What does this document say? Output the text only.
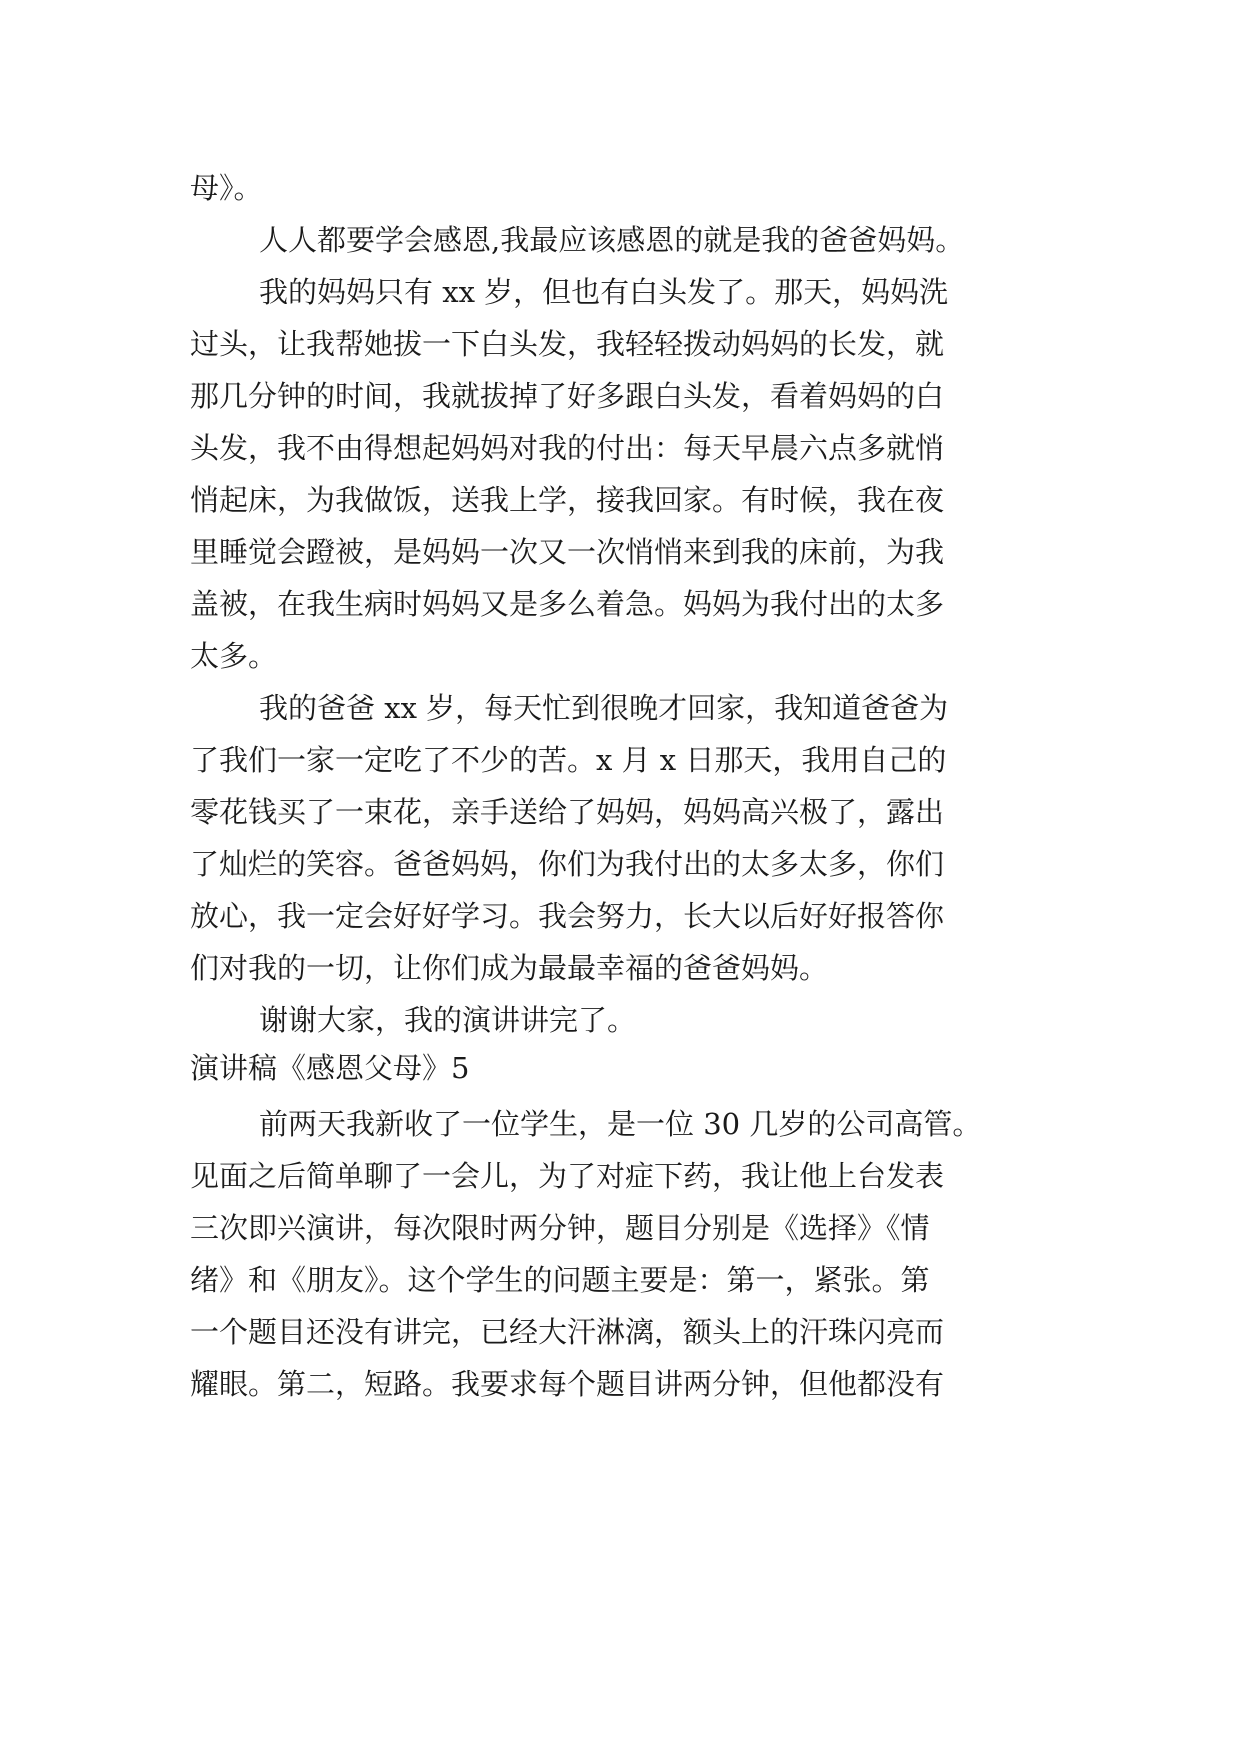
母》。
人人都要学会感恩,我最应该感恩的就是我的爸爸妈妈。
我的妈妈只有 xx 岁，但也有白头发了。那天，妈妈洗
过头，让我帮她拔一下白头发，我轻轻拨动妈妈的长发，就
那几分钟的时间，我就拔掉了好多跟白头发，看着妈妈的白
头发，我不由得想起妈妈对我的付出：每天早晨六点多就悄
悄起床，为我做饭，送我上学，接我回家。有时候，我在夜
里睡觉会蹬被，是妈妈一次又一次悄悄来到我的床前，为我
盖被，在我生病时妈妈又是多么着急。妈妈为我付出的太多
太多。
我的爸爸 xx 岁，每天忙到很晚才回家，我知道爸爸为
了我们一家一定吃了不少的苦。x 月 x 日那天，我用自己的
零花钱买了一束花，亲手送给了妈妈，妈妈高兴极了，露出
了灿烂的笑容。爸爸妈妈，你们为我付出的太多太多，你们
放心，我一定会好好学习。我会努力，长大以后好好报答你
们对我的一切，让你们成为最最幸福的爸爸妈妈。
谢谢大家，我的演讲讲完了。
演讲稿《感恩父母》5
前两天我新收了一位学生，是一位 30 几岁的公司高管。
见面之后简单聊了一会儿，为了对症下药，我让他上台发表
三次即兴演讲，每次限时两分钟，题目分别是《选择》《情
绪》和《朋友》。这个学生的问题主要是：第一，紧张。第
一个题目还没有讲完，已经大汗淋漓，额头上的汗珠闪亮而
耀眼。第二，短路。我要求每个题目讲两分钟，但他都没有
